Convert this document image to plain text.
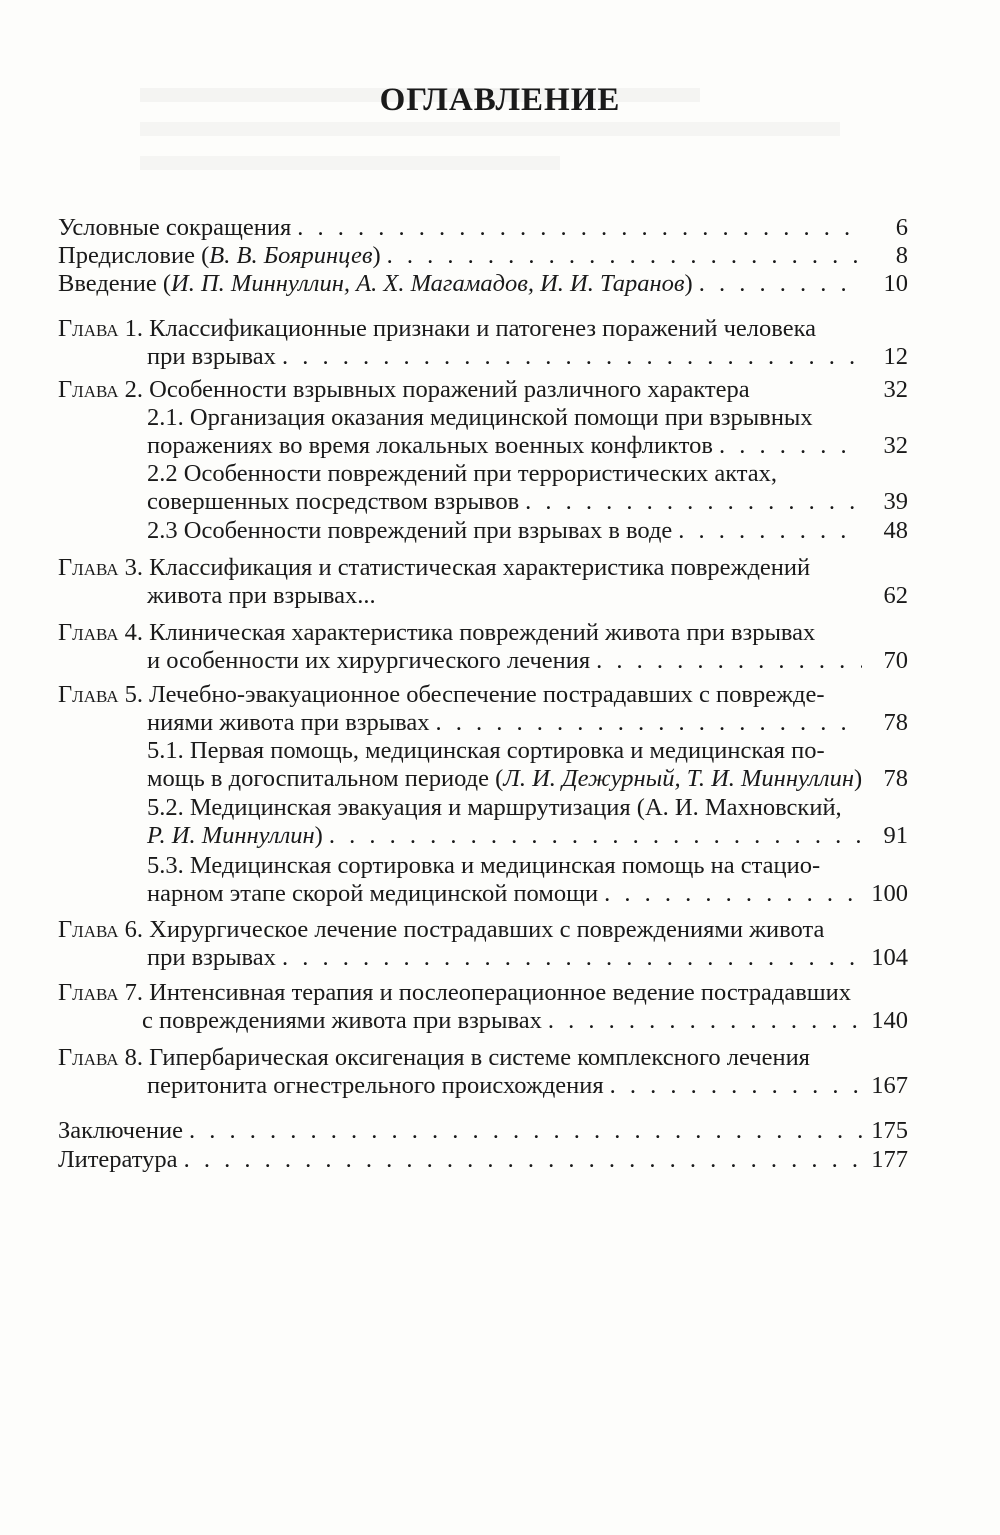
ОГЛАВЛЕНИЕ
Условные сокращения . . .	6
Предисловие (В. В. Бояринцев) . . .	8
Введение (И. П. Миннуллин, А. Х. Магамадов, И. И. Таранов) . . .	10
Глава 1. Классификационные признаки и патогенез поражений человека
при взрывах . . .	12
Глава 2. Особенности взрывных поражений различного характера	32
2.1. Организация оказания медицинской помощи при взрывных
поражениях во время локальных военных конфликтов . . .	32
2.2 Особенности повреждений при террористических актах,
совершенных посредством взрывов . . .	39
2.3 Особенности повреждений при взрывах в воде . . .	48
Глава 3. Классификация и статистическая характеристика повреждений
живота при взрывах...	62
Глава 4. Клиническая характеристика повреждений живота при взрывах
и особенности их хирургического лечения . . .	70
Глава 5. Лечебно-эвакуационное обеспечение пострадавших с поврежде-
ниями живота при взрывах . . .	78
5.1. Первая помощь, медицинская сортировка и медицинская по-
мощь в догоспитальном периоде (Л. И. Дежурный, Т. И. Миннуллин) 78
5.2. Медицинская эвакуация и маршрутизация (А. И. Махновский,
Р. И. Миннуллин) . . .	91
5.3. Медицинская сортировка и медицинская помощь на стацио-
нарном этапе скорой медицинской помощи . . .	100
Глава 6. Хирургическое лечение пострадавших с повреждениями живота
при взрывах . . .	104
Глава 7. Интенсивная терапия и послеоперационное ведение пострадавших
с повреждениями живота при взрывах . . .	140
Глава 8. Гипербарическая оксигенация в системе комплексного лечения
перитонита огнестрельного происхождения . . .	167
Заключение . . .	175
Литература . . .	177
